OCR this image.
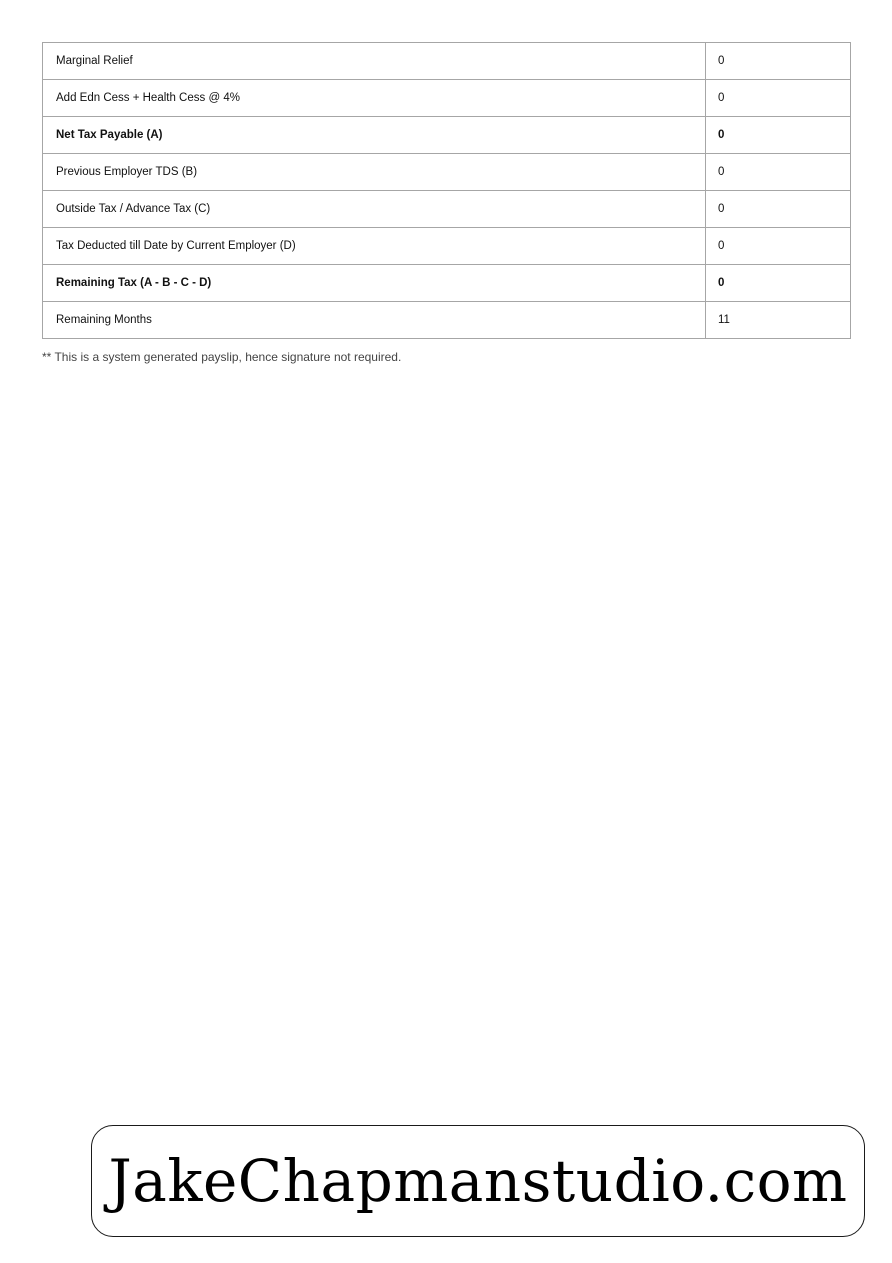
Marginal Relief	0
Add Edn Cess + Health Cess @ 4%	0
Net Tax Payable (A)	0
Previous Employer TDS (B)	0
Outside Tax / Advance Tax (C)	0
Tax Deducted till Date by Current Employer (D)	0
Remaining Tax (A - B - C - D)	0
Remaining Months	11
** This is a system generated payslip, hence signature not required.
JakeChapmanstudio.com
